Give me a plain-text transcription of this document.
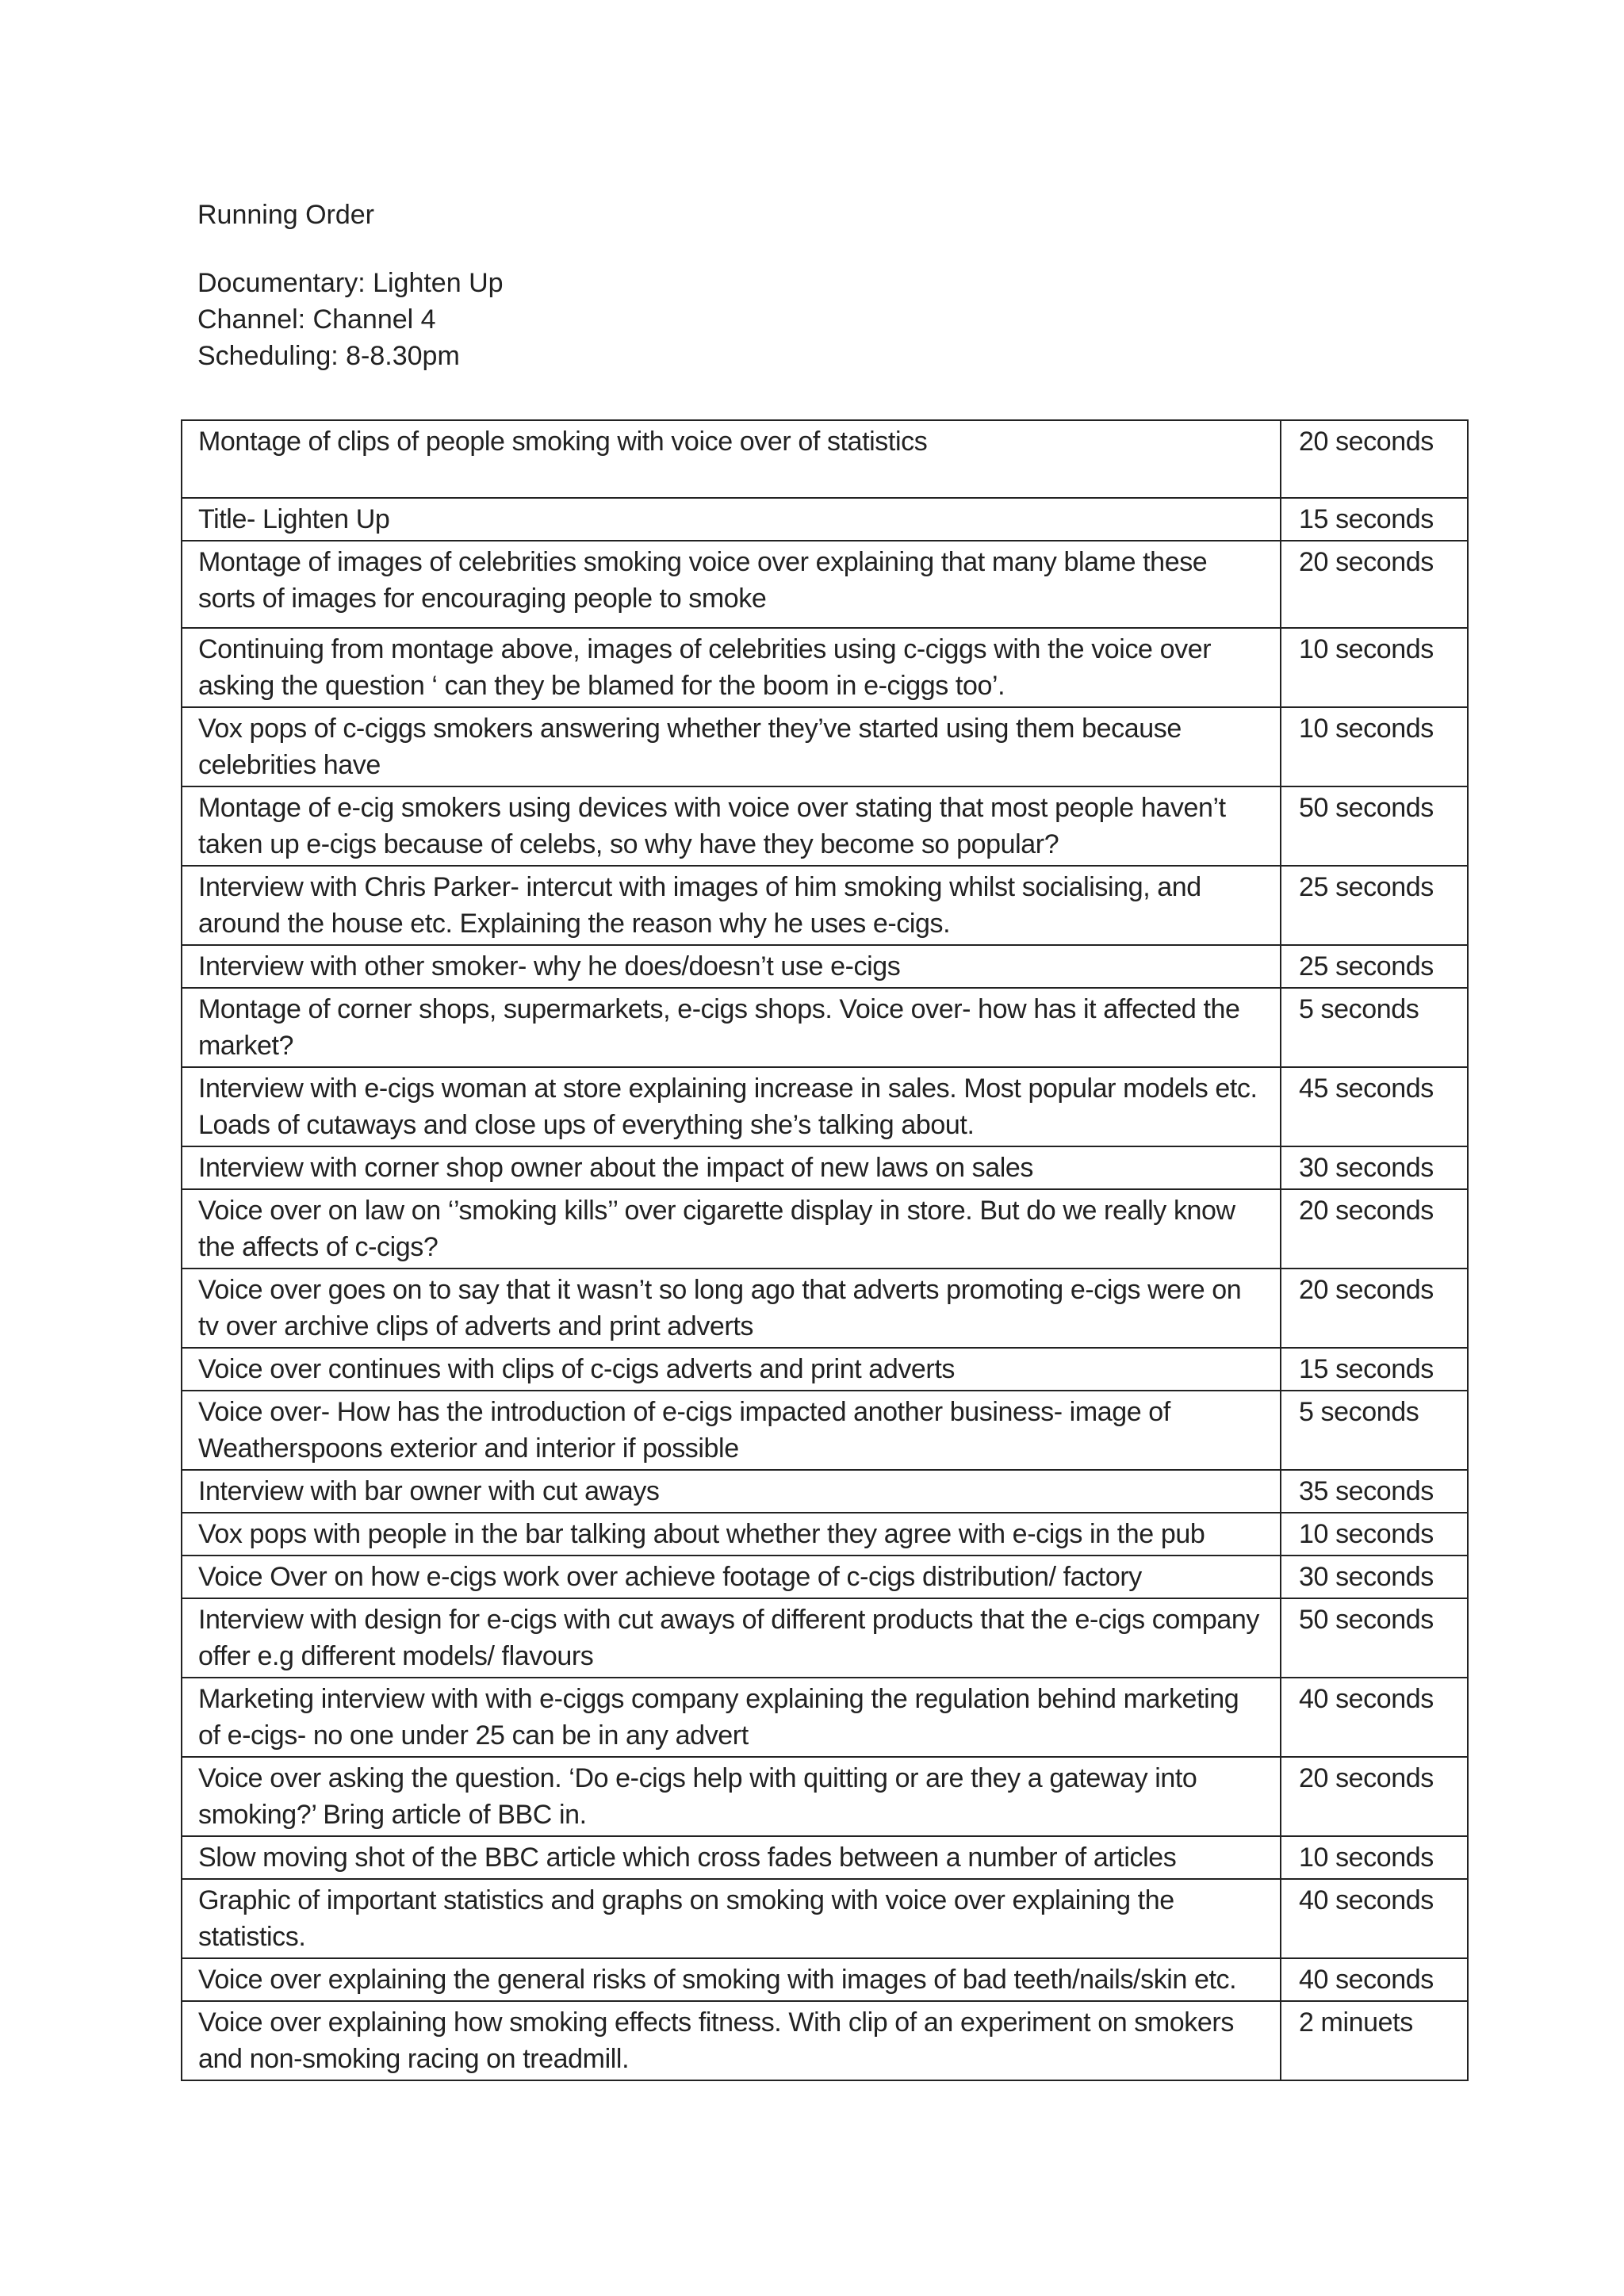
Running Order
Documentary: Lighten Up
Channel: Channel 4
Scheduling: 8-8.30pm
Montage of clips of people smoking with voice over of statistics	20 seconds
Title- Lighten Up	15 seconds
Montage of images of celebrities smoking voice over explaining that many blame these sorts of images for encouraging people to smoke	20 seconds
Continuing from montage above, images of celebrities using c-ciggs with the voice over asking the question ‘ can they be blamed for the boom in e-ciggs too’.	10 seconds
Vox pops of c-ciggs smokers answering whether they’ve started using them because celebrities have	10 seconds
Montage of e-cig smokers using devices with voice over stating that most people haven’t taken up e-cigs because of celebs, so why have they become so popular?	50 seconds
Interview with Chris Parker- intercut with images of him smoking whilst socialising, and around the house etc. Explaining the reason why he uses e-cigs.	25 seconds
Interview with other smoker- why he does/doesn’t use e-cigs	25 seconds
Montage of corner shops, supermarkets, e-cigs shops. Voice over- how has it affected the market?	5 seconds
Interview with e-cigs woman at store explaining increase in sales. Most popular models etc. Loads of cutaways and close ups of everything she’s talking about.	45 seconds
Interview with corner shop owner about the impact of new laws on sales	30 seconds
Voice over on law on ‘’smoking kills’’ over cigarette display in store. But do we really know the affects of c-cigs?	20 seconds
Voice over goes on to say that it wasn’t so long ago that adverts promoting e-cigs were on tv over archive clips of adverts and print adverts	20 seconds
Voice over continues with clips of c-cigs adverts and print adverts	15 seconds
Voice over- How has the introduction of e-cigs impacted another business- image of Weatherspoons exterior and interior if possible	5 seconds
Interview with bar owner with cut aways	35 seconds
Vox pops with people in the bar talking about whether they agree with e-cigs in the pub	10 seconds
Voice Over on how e-cigs work over achieve footage of c-cigs distribution/ factory	30 seconds
Interview with design for e-cigs with cut aways of different products that the e-cigs company offer e.g different models/ flavours	50 seconds
Marketing interview with with e-ciggs company explaining the regulation behind marketing of e-cigs- no one under 25 can be in any advert	40 seconds
Voice over asking the question. ‘Do e-cigs help with quitting or are they a gateway into smoking?’ Bring article of BBC in.	20 seconds
Slow moving shot of the BBC article which cross fades between a number of articles	10 seconds
Graphic of important statistics and graphs on smoking with voice over explaining the statistics.	40 seconds
Voice over explaining the general risks of smoking with images of bad teeth/nails/skin etc.	40 seconds
Voice over explaining how smoking effects fitness. With clip of an experiment on smokers and non-smoking racing on treadmill.	2 minuets
